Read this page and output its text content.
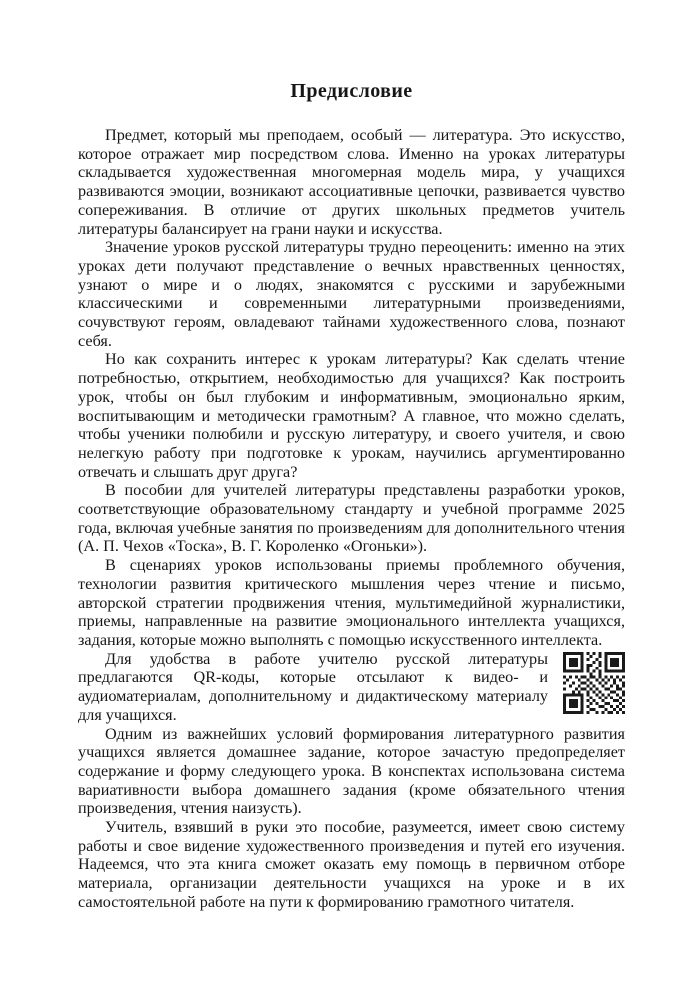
Предисловие

Предмет, который мы преподаем, особый — литература. Это искусство, которое отражает мир посредством слова. Именно на уроках литературы складывается художественная многомерная модель мира, у учащихся развиваются эмоции, возникают ассоциативные цепочки, развивается чувство сопереживания. В отличие от других школьных предметов учитель литературы балансирует на грани науки и искусства.

Значение уроков русской литературы трудно переоценить: именно на этих уроках дети получают представление о вечных нравственных ценностях, узнают о мире и о людях, знакомятся с русскими и зарубежными классическими и современными литературными произведениями, сочувствуют героям, овладевают тайнами художественного слова, познают себя.

Но как сохранить интерес к урокам литературы? Как сделать чтение потребностью, открытием, необходимостью для учащихся? Как построить урок, чтобы он был глубоким и информативным, эмоционально ярким, воспитывающим и методически грамотным? А главное, что можно сделать, чтобы ученики полюбили и русскую литературу, и своего учителя, и свою нелегкую работу при подготовке к урокам, научились аргументированно отвечать и слышать друг друга?

В пособии для учителей литературы представлены разработки уроков, соответствующие образовательному стандарту и учебной программе 2025 года, включая учебные занятия по произведениям для дополнительного чтения (А. П. Чехов «Тоска», В. Г. Короленко «Огоньки»).

В сценариях уроков использованы приемы проблемного обучения, технологии развития критического мышления через чтение и письмо, авторской стратегии продвижения чтения, мультимедийной журналистики, приемы, направленные на развитие эмоционального интеллекта учащихся, задания, которые можно выполнять с помощью искусственного интеллекта.

Для удобства в работе учителю русской литературы предлагаются QR-коды, которые отсылают к видео- и аудиоматериалам, дополнительному и дидактическому материалу для учащихся.

Одним из важнейших условий формирования литературного развития учащихся является домашнее задание, которое зачастую предопределяет содержание и форму следующего урока. В конспектах использована система вариативности выбора домашнего задания (кроме обязательного чтения произведения, чтения наизусть).

Учитель, взявший в руки это пособие, разумеется, имеет свою систему работы и свое видение художественного произведения и путей его изучения. Надеемся, что эта книга сможет оказать ему помощь в первичном отборе материала, организации деятельности учащихся на уроке и в их самостоятельной работе на пути к формированию грамотного читателя.
